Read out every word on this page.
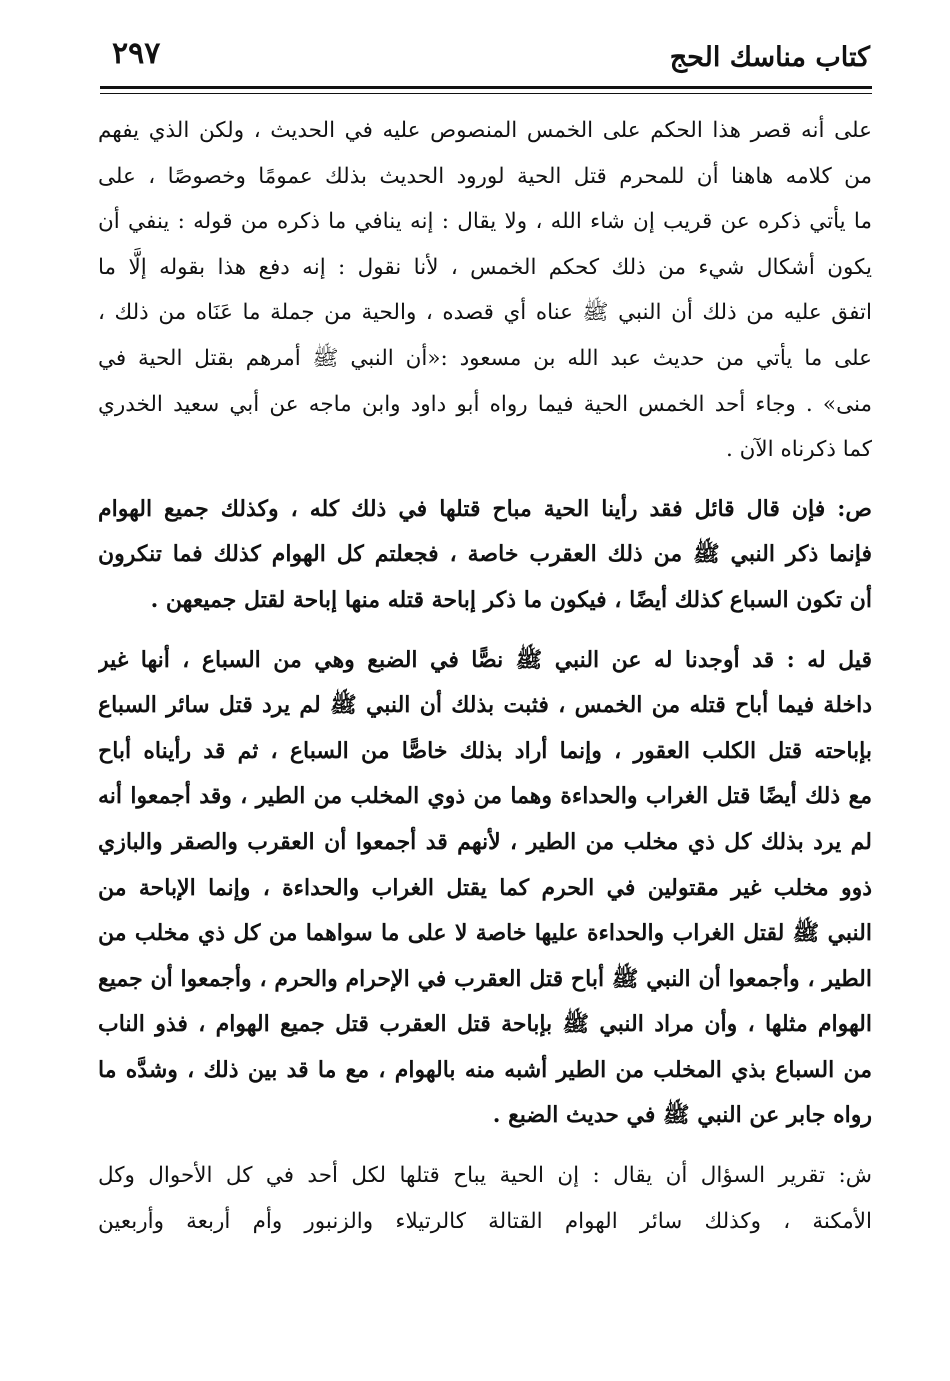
كتاب مناسك الحج
٢٩٧
على أنه قصر هذا الحكم على الخمس المنصوص عليه في الحديث ، ولكن الذي يفهم
من كلامه هاهنا أن للمحرم قتل الحية لورود الحديث بذلك عمومًا وخصوصًا ، على
ما يأتي ذكره عن قريب إن شاء الله ، ولا يقال : إنه ينافي ما ذكره من قوله : ينفي أن
يكون أشكال شيء من ذلك كحكم الخمس ، لأنا نقول : إنه دفع هذا بقوله إلَّا ما
اتفق عليه من ذلك أن النبي ﷺ عناه أي قصده ، والحية من جملة ما عَنَاه من ذلك ،
على ما يأتي من حديث عبد الله بن مسعود :«أن النبي ﷺ أمرهم بقتل الحية في
منى» . وجاء أحد الخمس الحية فيما رواه أبو داود وابن ماجه عن أبي سعيد الخدري
كما ذكرناه الآن .
ص: فإن قال قائل فقد رأينا الحية مباح قتلها في ذلك كله ، وكذلك جميع الهوام
فإنما ذكر النبي ﷺ من ذلك العقرب خاصة ، فجعلتم كل الهوام كذلك فما تنكرون
أن تكون السباع كذلك أيضًا ، فيكون ما ذكر إباحة قتله منها إباحة لقتل جميعهن .
قيل له : قد أوجدنا له عن النبي ﷺ نصًّا في الضبع وهي من السباع ، أنها غير
داخلة فيما أباح قتله من الخمس ، فثبت بذلك أن النبي ﷺ لم يرد قتل سائر السباع
بإباحته قتل الكلب العقور ، وإنما أراد بذلك خاصًّا من السباع ، ثم قد رأيناه أباح
مع ذلك أيضًا قتل الغراب والحداءة وهما من ذوي المخلب من الطير ، وقد أجمعوا أنه
لم يرد بذلك كل ذي مخلب من الطير ، لأنهم قد أجمعوا أن العقرب والصقر والبازي
ذوو مخلب غير مقتولين في الحرم كما يقتل الغراب والحداءة ، وإنما الإباحة من
النبي ﷺ لقتل الغراب والحداءة عليها خاصة لا على ما سواهما من كل ذي مخلب من
الطير ، وأجمعوا أن النبي ﷺ أباح قتل العقرب في الإحرام والحرم ، وأجمعوا أن جميع
الهوام مثلها ، وأن مراد النبي ﷺ بإباحة قتل العقرب قتل جميع الهوام ، فذو الناب
من السباع بذي المخلب من الطير أشبه منه بالهوام ، مع ما قد بين ذلك ، وشدَّه ما
رواه جابر عن النبي ﷺ في حديث الضبع .
ش: تقرير السؤال أن يقال : إن الحية يباح قتلها لكل أحد في كل الأحوال وكل
الأمكنة ، وكذلك سائر الهوام القتالة كالرتيلاء والزنبور وأم أربعة وأربعين
